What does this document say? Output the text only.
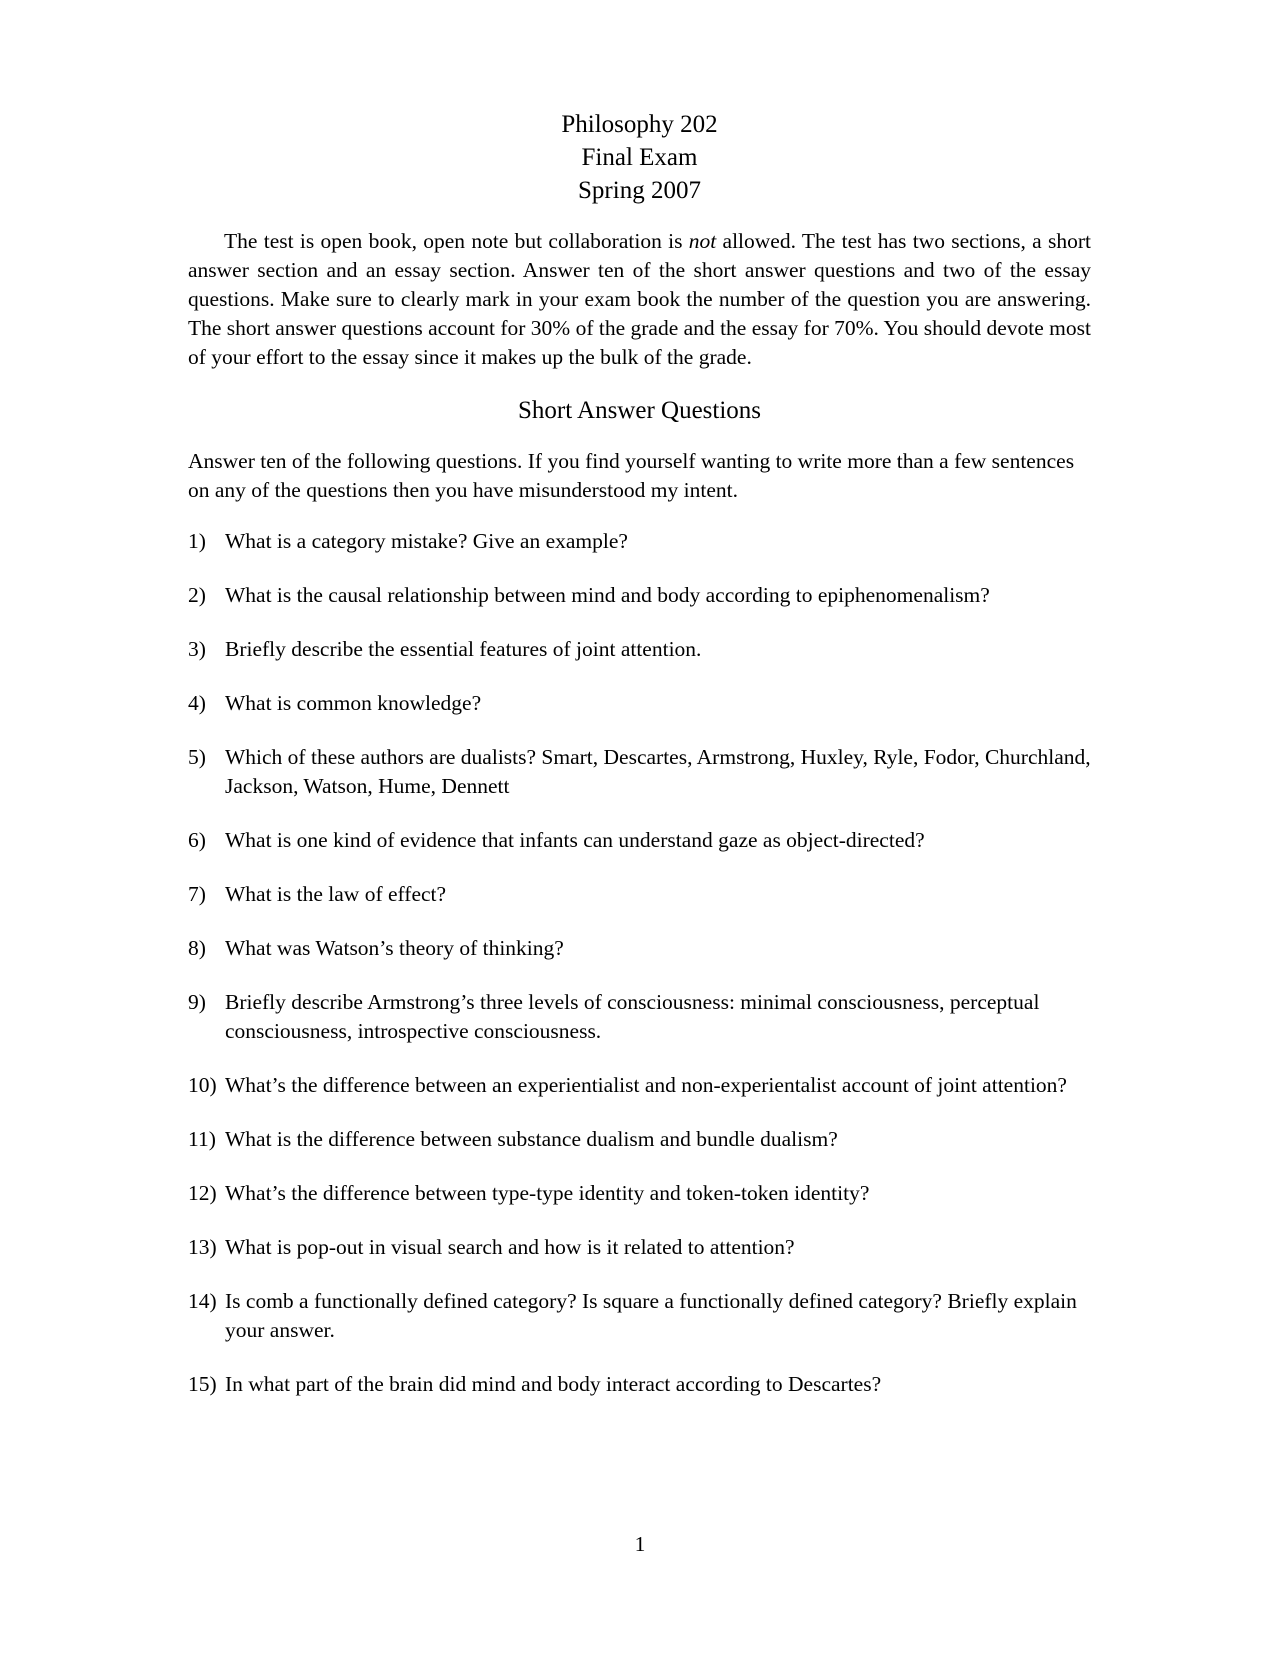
Philosophy 202
Final Exam
Spring 2007

The test is open book, open note but collaboration is not allowed. The test has two sections, a short answer section and an essay section. Answer ten of the short answer questions and two of the essay questions. Make sure to clearly mark in your exam book the number of the question you are answering. The short answer questions account for 30% of the grade and the essay for 70%. You should devote most of your effort to the essay since it makes up the bulk of the grade.

Short Answer Questions

Answer ten of the following questions. If you find yourself wanting to write more than a few sentences on any of the questions then you have misunderstood my intent.

1) What is a category mistake? Give an example?
2) What is the causal relationship between mind and body according to epiphenomenalism?
3) Briefly describe the essential features of joint attention.
4) What is common knowledge?
5) Which of these authors are dualists? Smart, Descartes, Armstrong, Huxley, Ryle, Fodor, Churchland, Jackson, Watson, Hume, Dennett
6) What is one kind of evidence that infants can understand gaze as object-directed?
7) What is the law of effect?
8) What was Watson’s theory of thinking?
9) Briefly describe Armstrong’s three levels of consciousness: minimal consciousness, perceptual consciousness, introspective consciousness.
10) What’s the difference between an experientialist and non-experientalist account of joint attention?
11) What is the difference between substance dualism and bundle dualism?
12) What’s the difference between type-type identity and token-token identity?
13) What is pop-out in visual search and how is it related to attention?
14) Is comb a functionally defined category? Is square a functionally defined category? Briefly explain your answer.
15) In what part of the brain did mind and body interact according to Descartes?
1
